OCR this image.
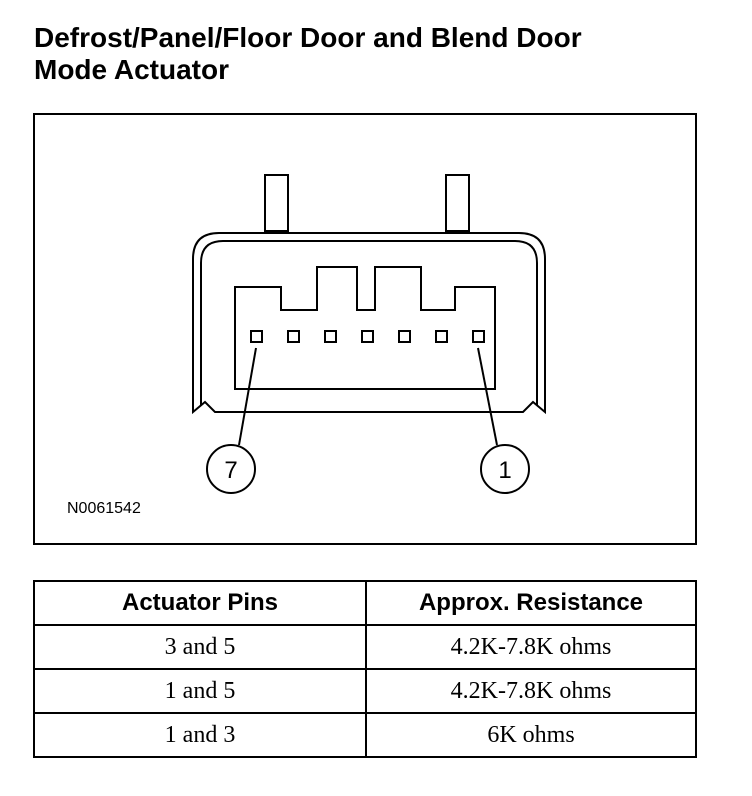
Defrost/Panel/Floor Door and Blend Door
Mode Actuator
7	1
N0061542
Actuator Pins	Approx. Resistance
3 and 5	4.2K-7.8K ohms
1 and 5	4.2K-7.8K ohms
1 and 3	6K ohms
